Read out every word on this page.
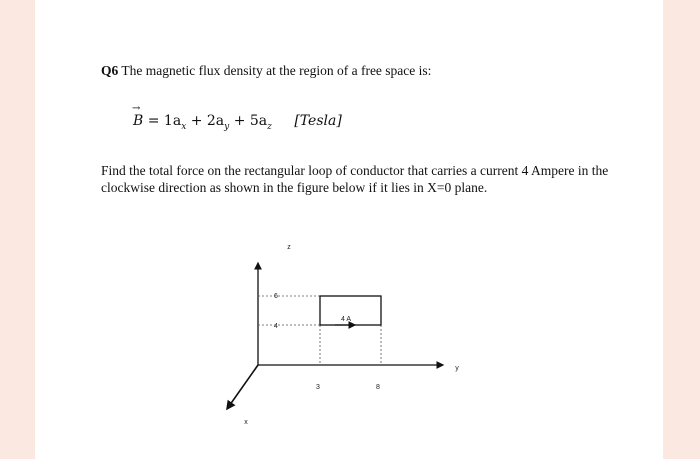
Q6 The magnetic flux density at the region of a free space is:
→ $B = 1a_x + 2a_y + 5a_z$ [Tesla]
Find the total force on the rectangular loop of conductor that carries a current 4 Ampere in the clockwise direction as shown in the figure below if it lies in X=0 plane.
z
y
x
6
4
3	8
4 A
